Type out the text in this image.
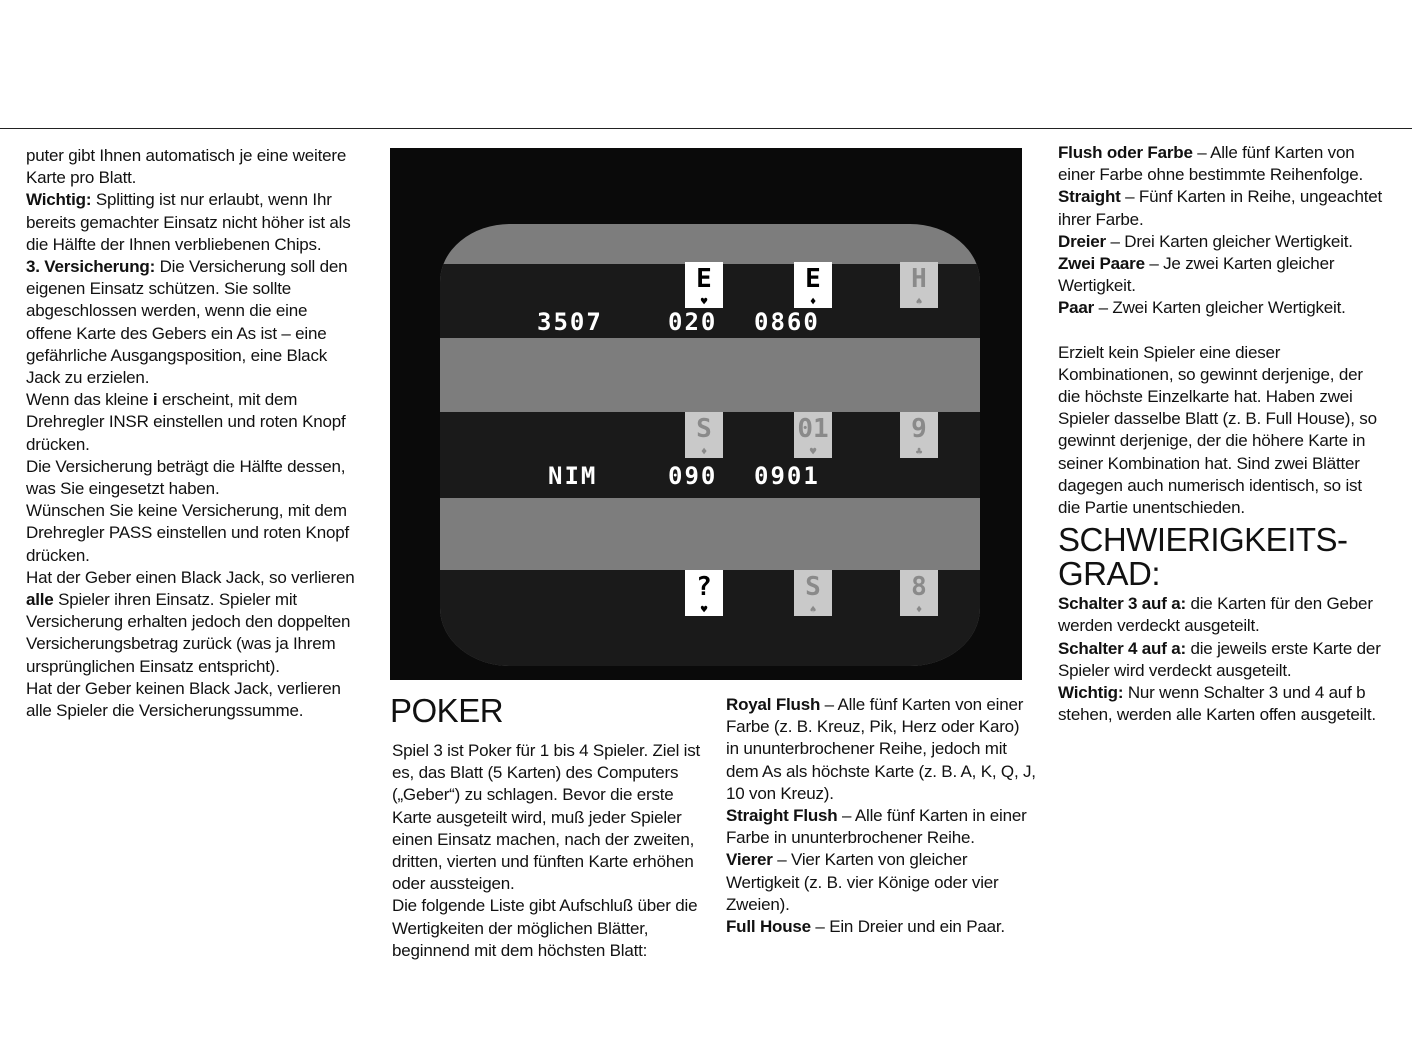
puter gibt Ihnen automatisch je eine weitere Karte pro Blatt.

Wichtig: Splitting ist nur erlaubt, wenn Ihr bereits gemachter Einsatz nicht höher ist als die Hälfte der Ihnen verbliebenen Chips.

3. Versicherung: Die Versicherung soll den eigenen Einsatz schützen. Sie sollte abgeschlossen werden, wenn die eine offene Karte des Gebers ein As ist – eine gefährliche Ausgangsposition, eine Black Jack zu erzielen.

Wenn das kleine i erscheint, mit dem Drehregler INSR einstellen und roten Knopf drücken.

Die Versicherung beträgt die Hälfte dessen, was Sie eingesetzt haben.

Wünschen Sie keine Versicherung, mit dem Drehregler PASS einstellen und roten Knopf drücken.

Hat der Geber einen Black Jack, so verlieren alle Spieler ihren Einsatz. Spieler mit Versicherung erhalten jedoch den doppelten Versicherungsbetrag zurück (was ja Ihrem ursprünglichen Einsatz entspricht).

Hat der Geber keinen Black Jack, verlieren alle Spieler die Versicherungssumme.

E
♥
E
♦
H
♠
3507	020 0860
S
♦
01
♥
9
♣
NIM	090 0901
?
♥
S
♠
8
♦
POKER

Spiel 3 ist Poker für 1 bis 4 Spieler. Ziel ist es, das Blatt (5 Karten) des Computers („Geber“) zu schlagen. Bevor die erste Karte ausgeteilt wird, muß jeder Spieler einen Einsatz machen, nach der zweiten, dritten, vierten und fünften Karte erhöhen oder aussteigen.

Die folgende Liste gibt Aufschluß über die Wertigkeiten der möglichen Blätter, beginnend mit dem höchsten Blatt:

Royal Flush – Alle fünf Karten von einer Farbe (z. B. Kreuz, Pik, Herz oder Karo) in ununterbrochener Reihe, jedoch mit dem As als höchste Karte (z. B. A, K, Q, J, 10 von Kreuz).

Straight Flush – Alle fünf Karten in einer Farbe in ununterbrochener Reihe.

Vierer – Vier Karten von gleicher Wertigkeit (z. B. vier Könige oder vier Zweien).

Full House – Ein Dreier und ein Paar.

Flush oder Farbe – Alle fünf Karten von einer Farbe ohne bestimmte Reihenfolge.

Straight – Fünf Karten in Reihe, ungeachtet ihrer Farbe.

Dreier – Drei Karten gleicher Wertigkeit.

Zwei Paare – Je zwei Karten gleicher Wertigkeit.

Paar – Zwei Karten gleicher Wertigkeit.

Erzielt kein Spieler eine dieser Kombinationen, so gewinnt derjenige, der die höchste Einzelkarte hat. Haben zwei Spieler dasselbe Blatt (z. B. Full House), so gewinnt derjenige, der die höhere Karte in seiner Kombination hat. Sind zwei Blätter dagegen auch numerisch identisch, so ist die Partie unentschieden.

SCHWIERIGKEITS-
GRAD:

Schalter 3 auf a: die Karten für den Geber werden verdeckt ausgeteilt.

Schalter 4 auf a: die jeweils erste Karte der Spieler wird verdeckt ausgeteilt.

Wichtig: Nur wenn Schalter 3 und 4 auf b stehen, werden alle Karten offen ausgeteilt.
